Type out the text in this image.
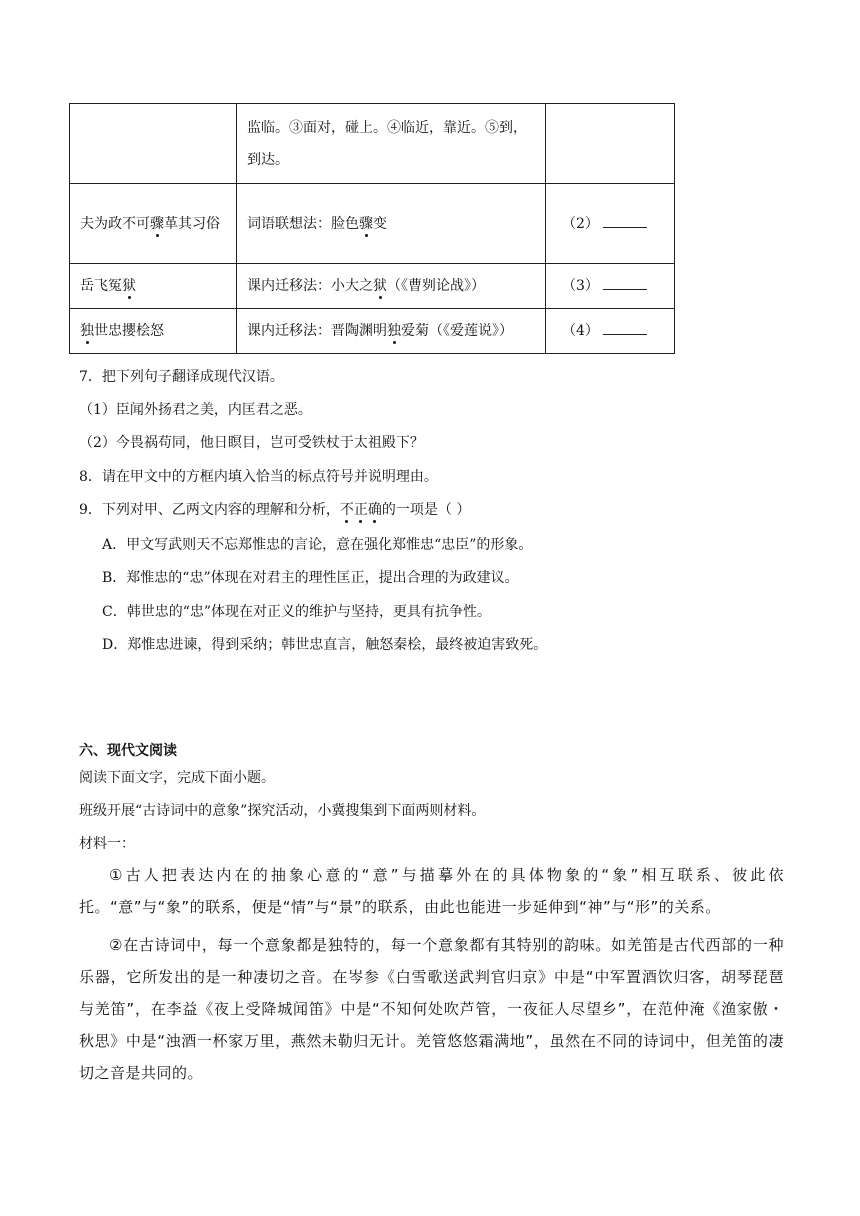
	监临。③面对，碰上。④临近，靠近。⑤到，到达。	
夫为政不可骤革其习俗	词语联想法：脸色骤变	（2）
岳飞冤狱	课内迁移法：小大之狱（《曹刿论战》）	（3）
独世忠攖桧怒	课内迁移法：晋陶渊明独爱菊（《爱莲说》）	（4）
7．把下列句子翻译成现代汉语。
（1）臣闻外扬君之美，内匡君之恶。
（2）今畏祸苟同，他日瞑目，岂可受铁杖于太祖殿下？
8．请在甲文中的方框内填入恰当的标点符号并说明理由。
9．下列对甲、乙两文内容的理解和分析，不正确的一项是（ ）
A．甲文写武则天不忘郑惟忠的言论，意在强化郑惟忠“忠臣”的形象。
B．郑惟忠的“忠”体现在对君主的理性匡正，提出合理的为政建议。
C．韩世忠的“忠”体现在对正义的维护与坚持，更具有抗争性。
D．郑惟忠进谏，得到采纳；韩世忠直言，触怒秦桧，最终被迫害致死。
六、现代文阅读
阅读下面文字，完成下面小题。
班级开展“古诗词中的意象”探究活动，小冀搜集到下面两则材料。
材料一：
①古人把表达内在的抽象心意的“意”与描摹外在的具体物象的“象”相互联系、彼此依托。“意”与“象”的联系，便是“情”与“景”的联系，由此也能进一步延伸到“神”与“形”的关系。
②在古诗词中，每一个意象都是独特的，每一个意象都有其特别的韵味。如羌笛是古代西部的一种乐器，它所发出的是一种凄切之音。在岑参《白雪歌送武判官归京》中是“中军置酒饮归客，胡琴琵琶与羌笛”，在李益《夜上受降城闻笛》中是“不知何处吹芦管，一夜征人尽望乡”，在范仲淹《渔家傲・秋思》中是“浊酒一杯家万里，燕然未勒归无计。羌管悠悠霜满地”，虽然在不同的诗词中，但羌笛的凄切之音是共同的。
